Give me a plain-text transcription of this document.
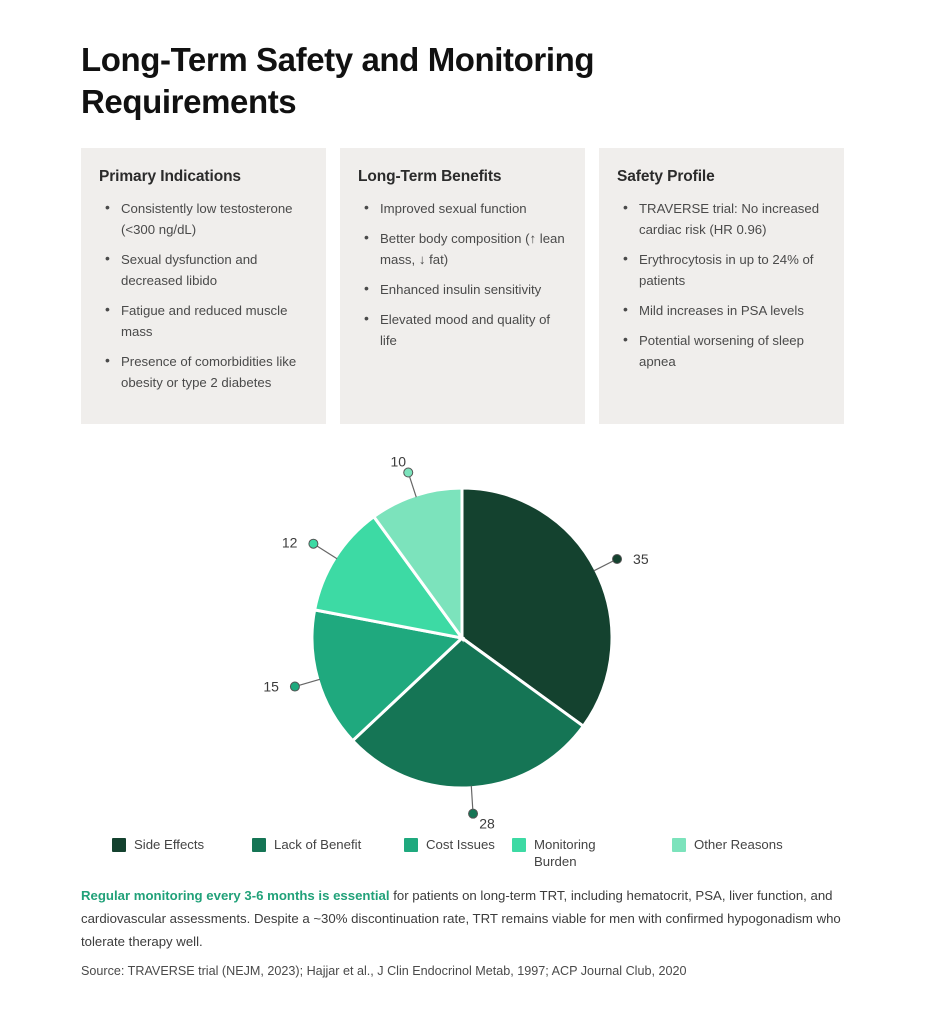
Long-Term Safety and Monitoring Requirements
Primary Indications
• Consistently low testosterone (<300 ng/dL)
• Sexual dysfunction and decreased libido
• Fatigue and reduced muscle mass
• Presence of comorbidities like obesity or type 2 diabetes
Long-Term Benefits
• Improved sexual function
• Better body composition (↑ lean mass, ↓ fat)
• Enhanced insulin sensitivity
• Elevated mood and quality of life
Safety Profile
• TRAVERSE trial: No increased cardiac risk (HR 0.96)
• Erythrocytosis in up to 24% of patients
• Mild increases in PSA levels
• Potential worsening of sleep apnea
35
28
15
12
10
Side Effects	Lack of Benefit	Cost Issues	Monitoring Burden
Other Reasons

Regular monitoring every 3-6 months is essential for patients on long-term TRT, including hematocrit, PSA, liver function, and cardiovascular assessments. Despite a ~30% discontinuation rate, TRT remains viable for men with confirmed hypogonadism who tolerate therapy well.

Source: TRAVERSE trial (NEJM, 2023); Hajjar et al., J Clin Endocrinol Metab, 1997; ACP Journal Club, 2020
